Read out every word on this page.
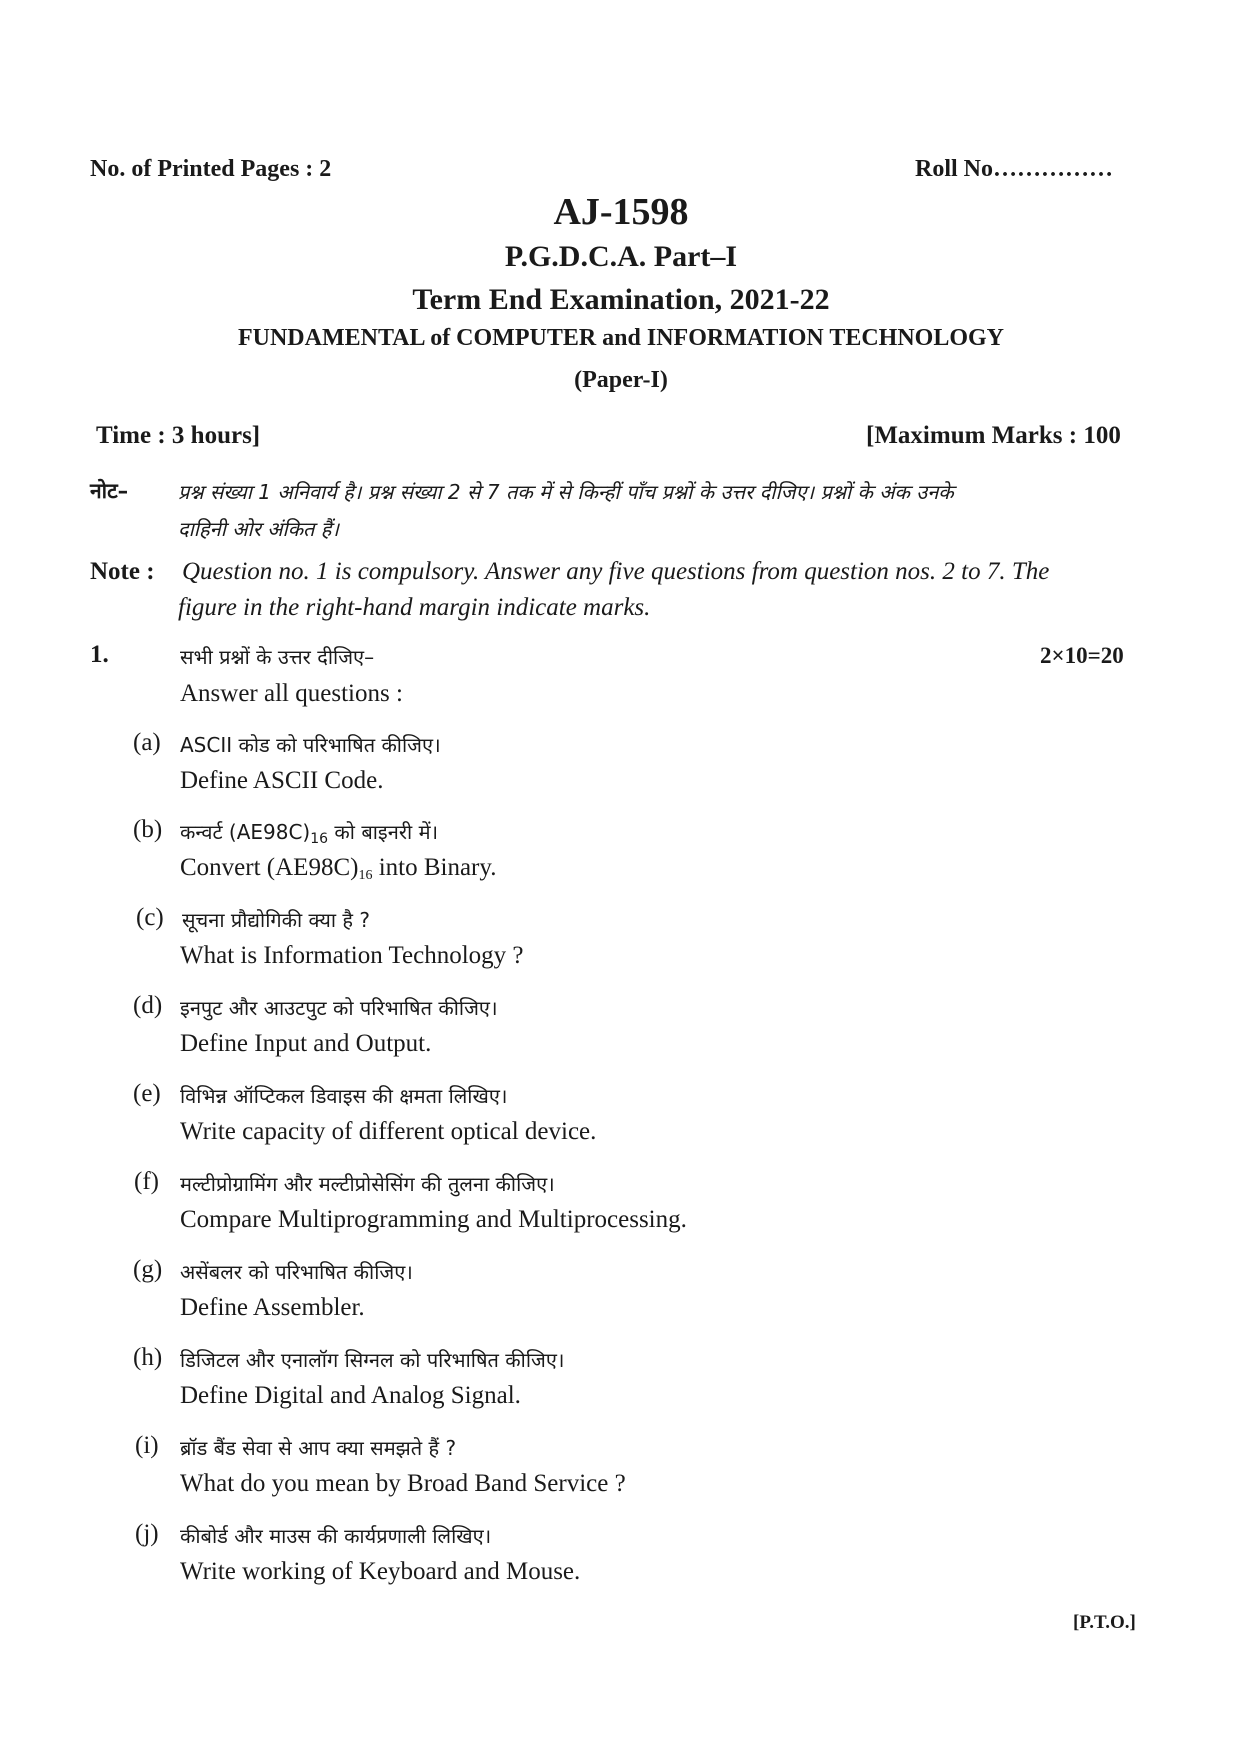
No. of Printed Pages : 2	Roll No……………
AJ-1598
P.G.D.C.A. Part–I
Term End Examination, 2021-22
FUNDAMENTAL of COMPUTER and INFORMATION TECHNOLOGY
(Paper-I)
Time : 3 hours]	[Maximum Marks : 100
नोट– प्रश्न संख्या 1 अनिवार्य है। प्रश्न संख्या 2 से 7 तक में से किन्हीं पाँच प्रश्नों के उत्तर दीजिए। प्रश्नों के अंक उनके
दाहिनी ओर अंकित हैं।
Note : Question no. 1 is compulsory. Answer any five questions from question nos. 2 to 7. The
figure in the right-hand margin indicate marks.
1.	सभी प्रश्नों के उत्तर दीजिए–	2×10=20
Answer all questions :
(a) ASCII कोड को परिभाषित कीजिए।
Define ASCII Code.
(b) कन्वर्ट $(AE98C)_{16}$ को बाइनरी में।
Convert $(AE98C)_{16}$ into Binary.
(c) सूचना प्रौद्योगिकी क्या है ?
What is Information Technology ?
(d) इनपुट और आउटपुट को परिभाषित कीजिए।
Define Input and Output.
(e) विभिन्न ऑप्टिकल डिवाइस की क्षमता लिखिए।
Write capacity of different optical device.
(f) मल्टीप्रोग्रामिंग और मल्टीप्रोसेसिंग की तुलना कीजिए।
Compare Multiprogramming and Multiprocessing.
(g) असेंबलर को परिभाषित कीजिए।
Define Assembler.
(h) डिजिटल और एनालॉग सिग्नल को परिभाषित कीजिए।
Define Digital and Analog Signal.
(i) ब्रॉड बैंड सेवा से आप क्या समझते हैं ?
What do you mean by Broad Band Service ?
(j) कीबोर्ड और माउस की कार्यप्रणाली लिखिए।
Write working of Keyboard and Mouse.
[P.T.O.]
